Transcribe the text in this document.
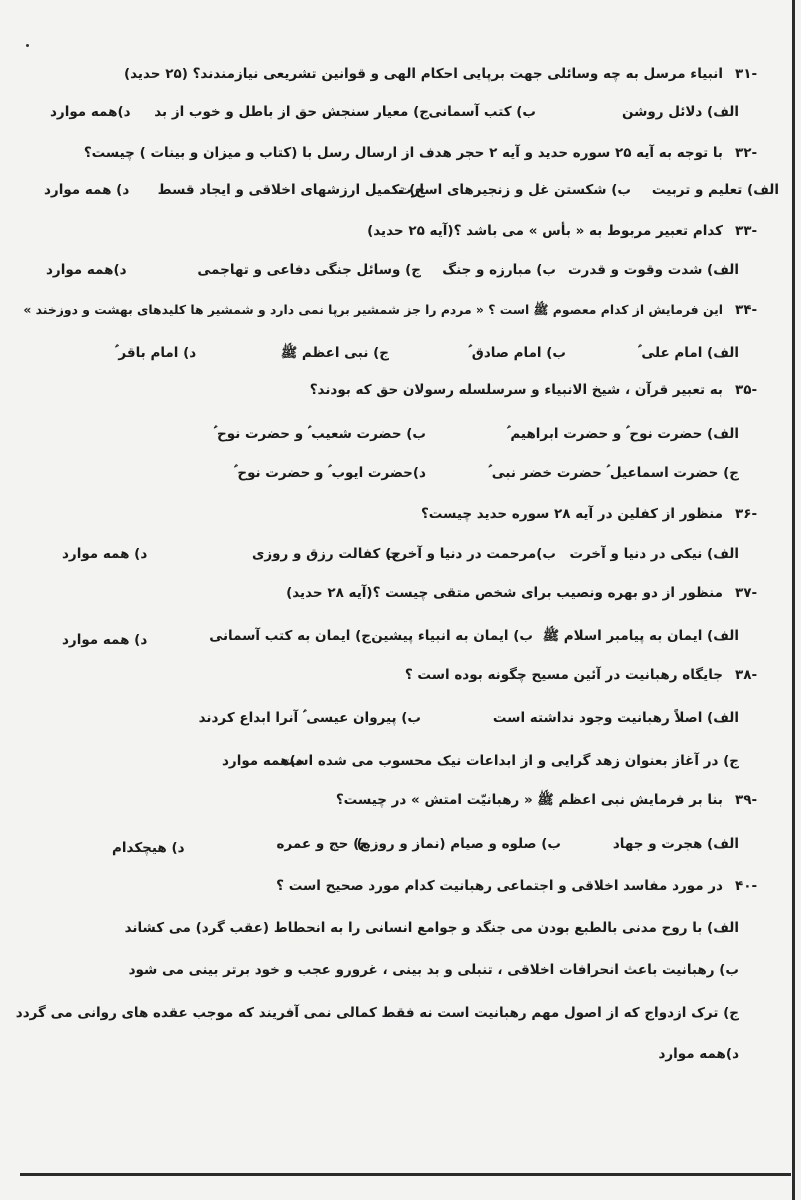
۳۱-
انبیاء مرسل به چه وسائلی جهت برپایی احکام الهی و قوانین تشریعی نیازمندند؟ (۲۵ حدید)
الف) دلائل روشن
ب) کتب آسمانی
ج) معیار سنجش حق از باطل و خوب از بد
د)همه موارد
۳۲-
با توجه به آیه ۲۵ سوره حدید و آیه ۲ حجر هدف از ارسال رسل با (کتاب و میزان و بینات ) چیست؟
الف) تعلیم و تربیت
ب) شکستن غل و زنجیرهای اسارت
ج) تکمیل ارزشهای اخلاقی و ایجاد قسط
د) همه موارد
۳۳-
کدام تعبیر مربوط به « بأس » می باشد ؟(آیه ۲۵ حدید)
الف) شدت وقوت و قدرت
ب) مبارزه و جنگ
ج) وسائل جنگی دفاعی و تهاجمی
د)همه موارد
۳۴-
این فرمایش از کدام معصوم ﷺ است ؟ « مردم را جز شمشیر برپا نمی دارد و شمشیر ها کلیدهای بهشت و دوزخند »
الف) امام علی ؑ
ب) امام صادق ؑ
ج) نبی اعظم ﷺ
د) امام باقر ؑ
۳۵-
به تعبیر قرآن ، شیخ الانبیاء و سرسلسله رسولان حق که بودند؟
الف) حضرت نوح ؑ و حضرت ابراهیم ؑ
ب) حضرت شعیب ؑ و حضرت نوح ؑ
ج) حضرت اسماعیل ؑ حضرت خضر نبی ؑ
د)حضرت ایوب ؑ و حضرت نوح ؑ
۳۶-
منظور از کفلین در آیه ۲۸ سوره حدید چیست؟
الف) نیکی در دنیا و آخرت
ب)مرحمت در دنیا و آخرت
ج) کفالت رزق و روزی
د) همه موارد
۳۷-
منظور از دو بهره ونصیب برای شخص متقی چیست ؟(آیه ۲۸ حدید)
الف) ایمان به پیامبر اسلام ﷺ
ب) ایمان به انبیاء پیشین
ج) ایمان به کتب آسمانی
د) همه موارد
۳۸-
جایگاه رهبانیت در آئین مسیح چگونه بوده است ؟
الف) اصلاً رهبانیت وجود نداشته است
ب) پیروان عیسی ؑ آنرا ابداع کردند
ج) در آغاز بعنوان زهد گرایی و از ابداعات نیک محسوب می شده است
د)همه موارد
۳۹-
بنا بر فرمایش نبی اعظم ﷺ « رهبانیّت امتش » در چیست؟
الف) هجرت و جهاد
ب) صلوه و صیام (نماز و روزه)
ج) حج و عمره
د) هیچکدام
۴۰-
در مورد مفاسد اخلاقی و اجتماعی رهبانیت کدام مورد صحیح است ؟
الف) با روح مدنی بالطبع بودن می جنگد و جوامع انسانی را به انحطاط (عقب گرد) می کشاند
ب) رهبانیت باعث انحرافات اخلاقی ، تنبلی و بد بینی ، غرورو عجب و خود برتر بینی می شود
ج) ترک ازدواج که از اصول مهم رهبانیت است نه فقط کمالی نمی آفریند که موجب عقده های روانی می گردد
د)همه موارد
